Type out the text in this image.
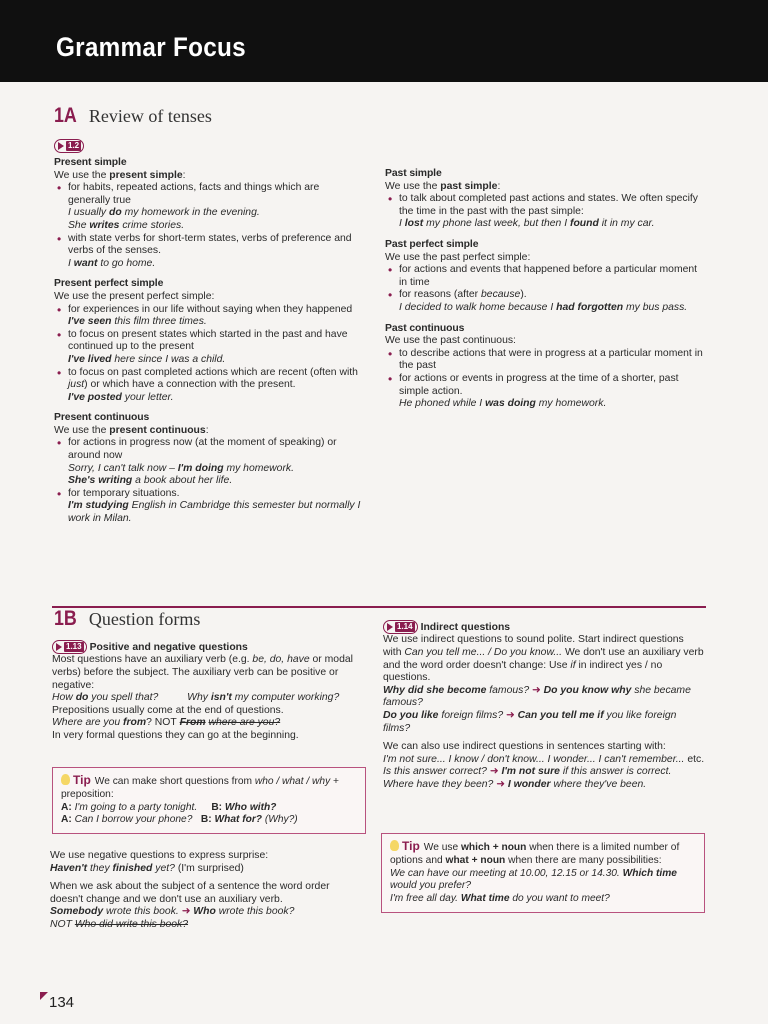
Grammar Focus
1A Review of tenses
1.2
Present simple

We use the present simple:

• for habits, repeated actions, facts and things which are generally true

I usually do my homework in the evening.

She writes crime stories.

• with state verbs for short-term states, verbs of preference and verbs of the senses.

I want to go home.

Present perfect simple

We use the present perfect simple:

• for experiences in our life without saying when they happened

I've seen this film three times.

• to focus on present states which started in the past and have continued up to the present

I've lived here since I was a child.

• to focus on past completed actions which are recent (often with just) or which have a connection with the present.

I've posted your letter.

Present continuous

We use the present continuous:

• for actions in progress now (at the moment of speaking) or around now

Sorry, I can't talk now – I'm doing my homework.

She's writing a book about her life.

• for temporary situations.

I'm studying English in Cambridge this semester but normally I work in Milan.

Past simple

We use the past simple:

• to talk about completed past actions and states. We often specify the time in the past with the past simple:

I lost my phone last week, but then I found it in my car.

Past perfect simple

We use the past perfect simple:

• for actions and events that happened before a particular moment in time
• for reasons (after because).

I decided to walk home because I had forgotten my bus pass.

Past continuous

We use the past continuous:

• to describe actions that were in progress at a particular moment in the past
• for actions or events in progress at the time of a shorter, past simple action.

He phoned while I was doing my homework.

1B Question forms

1.13 Positive and negative questions

Most questions have an auxiliary verb (e.g. be, do, have or modal verbs) before the subject. The auxiliary verb can be positive or negative:

How do you spell that?	Why isn't my computer working?

Prepositions usually come at the end of questions.

Where are you from? NOT From where are you?

In very formal questions they can go at the beginning.

Tip We can make short questions from who / what / why + preposition:

A: I'm going to a party tonight. B: Who with?

A: Can I borrow your phone? B: What for? (Why?)

We use negative questions to express surprise:

Haven't they finished yet? (I'm surprised)

When we ask about the subject of a sentence the word order doesn't change and we don't use an auxiliary verb.

Somebody wrote this book. ➜ Who wrote this book?

NOT Who did write this book?

1.14 Indirect questions

We use indirect questions to sound polite. Start indirect questions with Can you tell me... / Do you know... We don't use an auxiliary verb and the word order doesn't change: Use if in indirect yes / no questions.

Why did she become famous? ➜ Do you know why she became famous?

Do you like foreign films? ➜ Can you tell me if you like foreign films?

We can also use indirect questions in sentences starting with:

I'm not sure... I know / don't know... I wonder... I can't remember... etc.

Is this answer correct? ➜ I'm not sure if this answer is correct.

Where have they been? ➜ I wonder where they've been.

Tip We use which + noun when there is a limited number of options and what + noun when there are many possibilities:

We can have our meeting at 10.00, 12.15 or 14.30. Which time would you prefer?

I'm free all day. What time do you want to meet?

134
